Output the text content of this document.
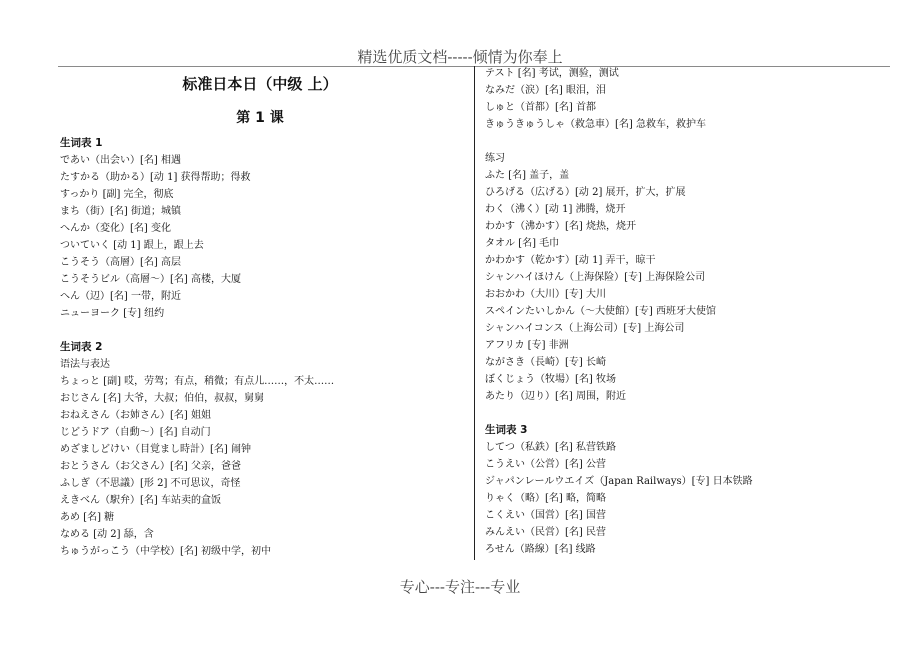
精选优质文档-----倾情为你奉上
标准日本日（中级 上）
第 1 课
生词表 1
であい（出会い）[名] 相遇
たすかる（助かる）[动 1] 获得帮助；得救
すっかり [副] 完全，彻底
まち（街）[名] 街道；城镇
へんか（変化）[名] 变化
ついていく [动 1] 跟上，跟上去
こうそう（高層）[名] 高层
こうそうビル（高層～）[名] 高楼，大厦
へん（辺）[名] 一带，附近
ニューヨーク [专] 纽约
生词表 2
语法与表达
ちょっと [副] 哎，劳驾；有点，稍微；有点儿……，不太……
おじさん [名] 大爷，大叔；伯伯，叔叔，舅舅
おねえさん（お姉さん）[名] 姐姐
じどうドア（自動～）[名] 自动门
めざましどけい（目覚まし時計）[名] 闹钟
おとうさん（お父さん）[名] 父亲，爸爸
ふしぎ（不思議）[形 2] 不可思议，奇怪
えきべん（駅弁）[名] 车站卖的盒饭
あめ [名] 糖
なめる [动 2] 舔，含
ちゅうがっこう（中学校）[名] 初级中学，初中
テスト [名] 考试，测验，测试
なみだ（涙）[名] 眼泪，泪
しゅと（首都）[名] 首都
きゅうきゅうしゃ（救急車）[名] 急救车，救护车
练习
ふた [名] 盖子，盖
ひろげる（広げる）[动 2] 展开，扩大，扩展
わく（沸く）[动 1] 沸腾，烧开
わかす（沸かす）[名] 烧热，烧开
タオル [名] 毛巾
かわかす（乾かす）[动 1] 弄干，晾干
シャンハイほけん（上海保险）[专] 上海保险公司
おおかわ（大川）[专] 大川
スペインたいしかん（～大使館）[专] 西班牙大使馆
シャンハイコンス（上海公司）[专] 上海公司
アフリカ [专] 非洲
ながさき（長崎）[专] 长崎
ぼくじょう（牧場）[名] 牧场
あたり（辺り）[名] 周围，附近
生词表 3
してつ（私鉄）[名] 私营铁路
こうえい（公営）[名] 公营
ジャパンレールウエイズ（Japan Railways）[专] 日本铁路
りゃく（略）[名] 略，简略
こくえい（国営）[名] 国营
みんえい（民営）[名] 民营
ろせん（路線）[名] 线路
专心---专注---专业
